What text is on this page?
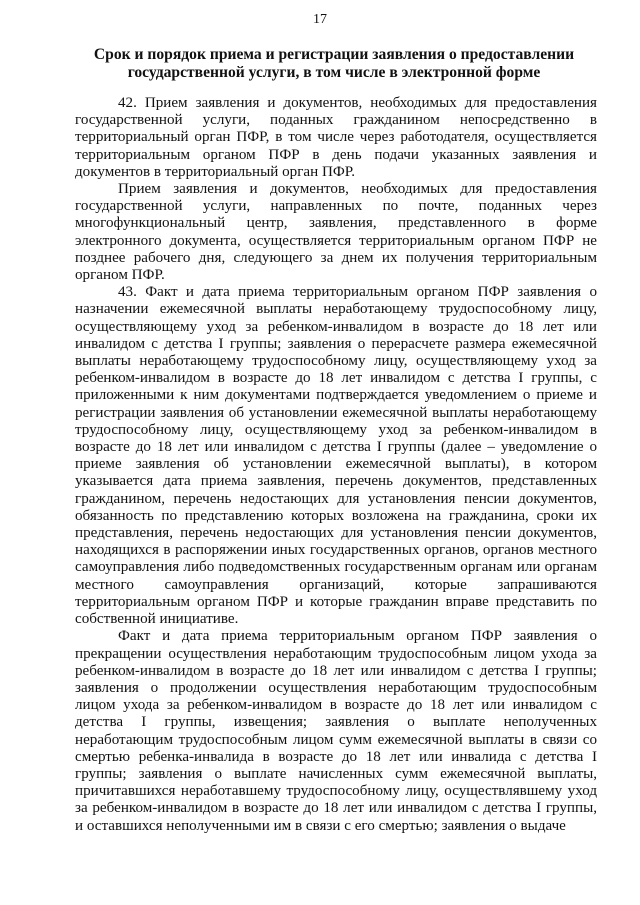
17
Срок и порядок приема и регистрации заявления о предоставлении государственной услуги, в том числе в электронной форме

42. Прием заявления и документов, необходимых для предоставления государственной услуги, поданных гражданином непосредственно в территориальный орган ПФР, в том числе через работодателя, осуществляется территориальным органом ПФР в день подачи указанных заявления и документов в территориальный орган ПФР.

Прием заявления и документов, необходимых для предоставления государственной услуги, направленных по почте, поданных через многофункциональный центр, заявления, представленного в форме электронного документа, осуществляется территориальным органом ПФР не позднее рабочего дня, следующего за днем их получения территориальным органом ПФР.

43. Факт и дата приема территориальным органом ПФР заявления о назначении ежемесячной выплаты неработающему трудоспособному лицу, осуществляющему уход за ребенком-инвалидом в возрасте до 18 лет или инвалидом с детства I группы; заявления о перерасчете размера ежемесячной выплаты неработающему трудоспособному лицу, осуществляющему уход за ребенком-инвалидом в возрасте до 18 лет инвалидом с детства I группы, с приложенными к ним документами подтверждается уведомлением о приеме и регистрации заявления об установлении ежемесячной выплаты неработающему трудоспособному лицу, осуществляющему уход за ребенком-инвалидом в возрасте до 18 лет или инвалидом с детства I группы (далее – уведомление о приеме заявления об установлении ежемесячной выплаты), в котором указывается дата приема заявления, перечень документов, представленных гражданином, перечень недостающих для установления пенсии документов, обязанность по представлению которых возложена на гражданина, сроки их представления, перечень недостающих для установления пенсии документов, находящихся в распоряжении иных государственных органов, органов местного самоуправления либо подведомственных государственным органам или органам местного самоуправления организаций, которые запрашиваются территориальным органом ПФР и которые гражданин вправе представить по собственной инициативе.

Факт и дата приема территориальным органом ПФР заявления о прекращении осуществления неработающим трудоспособным лицом ухода за ребенком-инвалидом в возрасте до 18 лет или инвалидом с детства I группы; заявления о продолжении осуществления неработающим трудоспособным лицом ухода за ребенком-инвалидом в возрасте до 18 лет или инвалидом с детства I группы, извещения; заявления о выплате неполученных неработающим трудоспособным лицом сумм ежемесячной выплаты в связи со смертью ребенка-инвалида в возрасте до 18 лет или инвалида с детства I группы; заявления о выплате начисленных сумм ежемесячной выплаты, причитавшихся неработавшему трудоспособному лицу, осуществлявшему уход за ребенком-инвалидом в возрасте до 18 лет или инвалидом с детства I группы, и оставшихся неполученными им в связи с его смертью; заявления о выдаче
